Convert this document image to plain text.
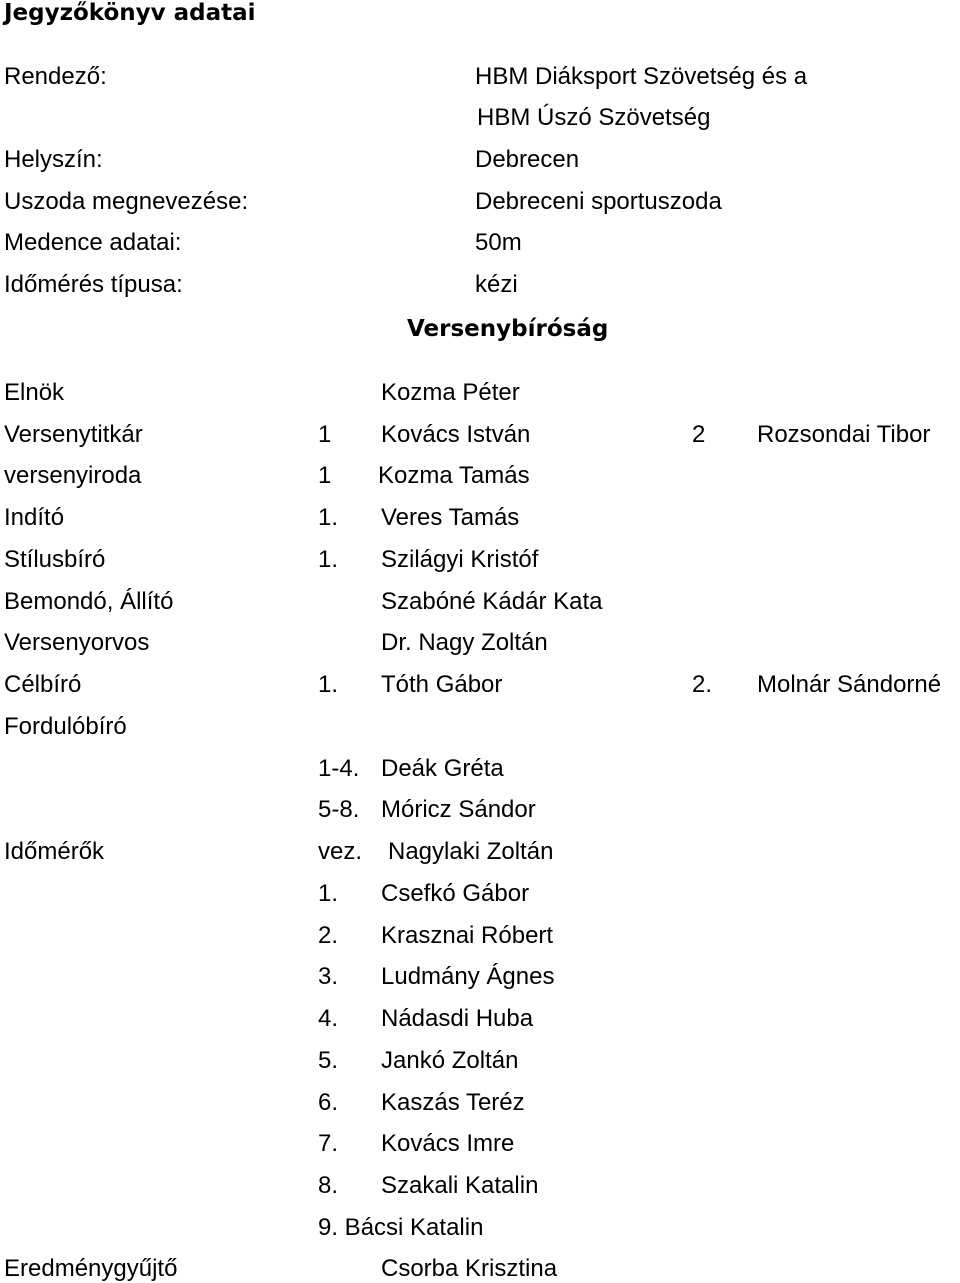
Jegyzőkönyv adatai
Rendező:	HBM Diáksport Szövetség és a
HBM Úszó Szövetség
Helyszín:	Debrecen
Uszoda megnevezése:	Debreceni sportuszoda
Medence adatai:	50m
Időmérés típusa:	kézi
Versenybíróság
Elnök	Kozma Péter
Versenytitkár	1 Kovács István	2 Rozsondai Tibor
versenyiroda	1 Kozma Tamás
Indító	1. Veres Tamás
Stílusbíró	1. Szilágyi Kristóf
Bemondó, Állító	Szabóné Kádár Kata
Versenyorvos	Dr. Nagy Zoltán
Célbíró	1. Tóth Gábor	2. Molnár Sándorné
Fordulóbíró
1-4. Deák Gréta
5-8. Móricz Sándor
Időmérők	vez. Nagylaki Zoltán
1. Csefkó Gábor
2. Krasznai Róbert
3. Ludmány Ágnes
4. Nádasdi Huba
5. Jankó Zoltán
6. Kaszás Teréz
7. Kovács Imre
8. Szakali Katalin
9. Bácsi Katalin
Eredménygyűjtő	Csorba Krisztina
